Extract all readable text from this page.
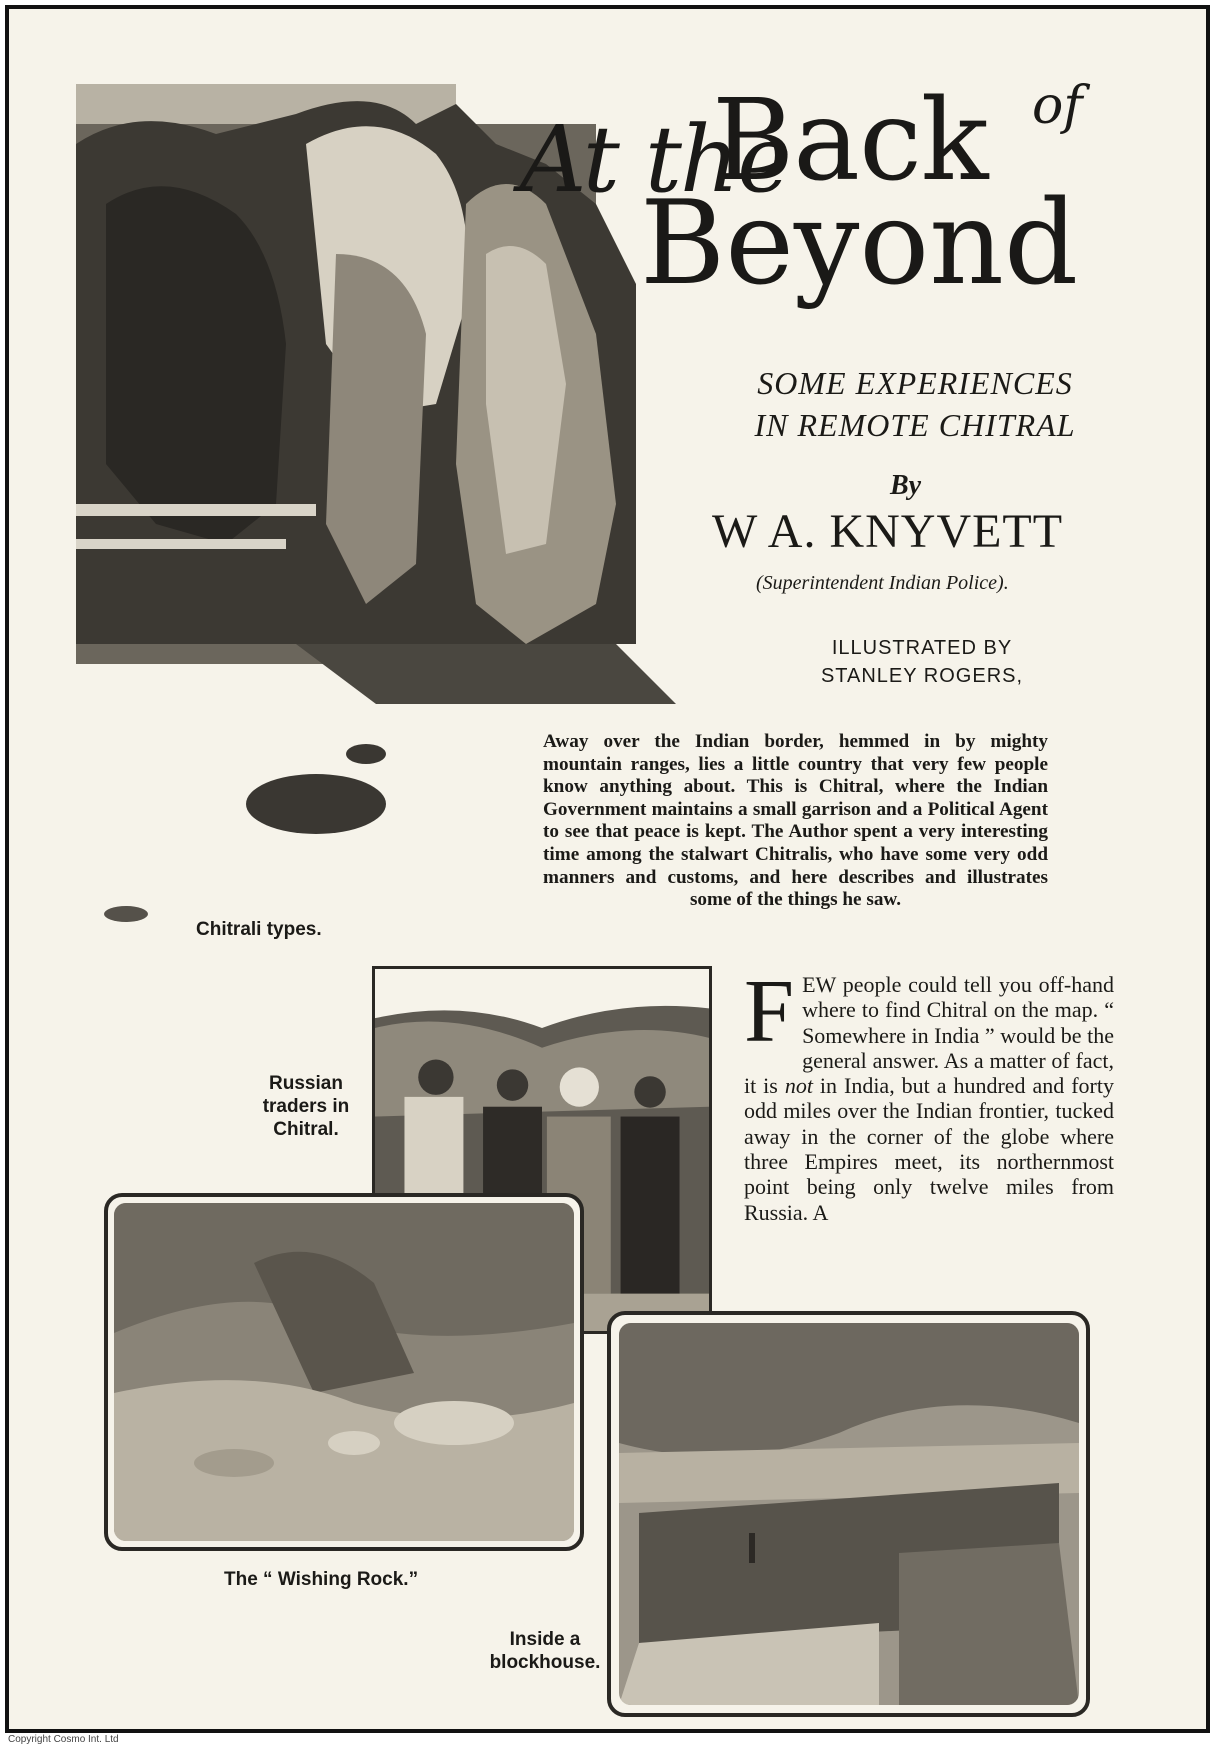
At the
Back of
Beyond
SOME EXPERIENCES
IN REMOTE CHITRAL
By
W A. KNYVETT
(Superintendent Indian Police).
ILLUSTRATED BY
STANLEY ROGERS,
Away over the Indian border, hemmed in by mighty mountain ranges, lies a little country that very few people know anything about. This is Chitral, where the Indian Government maintains a small garrison and a Political Agent to see that peace is kept. The Author spent a very interesting time among the stalwart Chitralis, who have some very odd manners and customs, and here describes and illustrates some of the things he saw.
Chitrali types.
Russian
traders in
Chitral.
FEW people could tell you off-hand where to find Chitral on the map. “ Somewhere in India ” would be the general answer. As a matter of fact, it is not in India, but a hundred and forty odd miles over the Indian frontier, tucked away in the corner of the globe where three Empires meet, its northernmost point being only twelve miles from Russia. A
The “ Wishing Rock.”
Inside a
blockhouse.
Copyright Cosmo Int. Ltd
